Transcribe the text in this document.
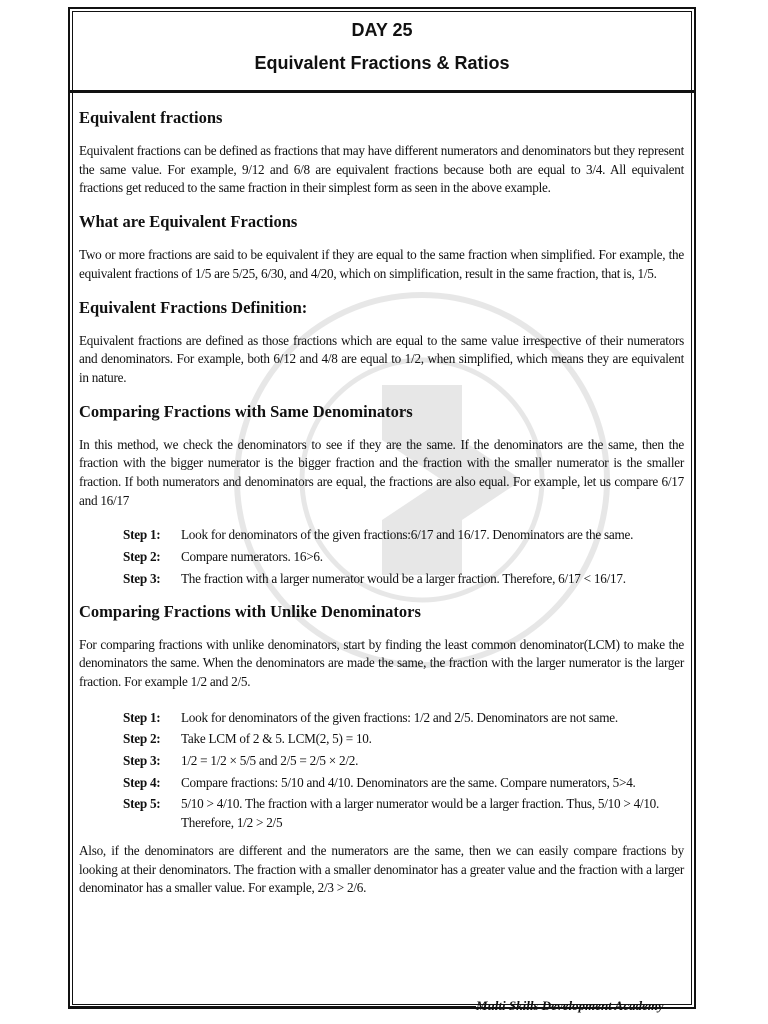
DAY 25
Equivalent Fractions & Ratios
Equivalent fractions

Equivalent fractions can be defined as fractions that may have different numerators and denominators but they represent the same value. For example, 9/12 and 6/8 are equivalent fractions because both are equal to 3/4. All equivalent fractions get reduced to the same fraction in their simplest form as seen in the above example.

What are Equivalent Fractions

Two or more fractions are said to be equivalent if they are equal to the same fraction when simplified. For example, the equivalent fractions of 1/5 are 5/25, 6/30, and 4/20, which on simplification, result in the same fraction, that is, 1/5.

Equivalent Fractions Definition:

Equivalent fractions are defined as those fractions which are equal to the same value irrespective of their numerators and denominators. For example, both 6/12 and 4/8 are equal to 1/2, when simplified, which means they are equivalent in nature.

Comparing Fractions with Same Denominators

In this method, we check the denominators to see if they are the same. If the denominators are the same, then the fraction with the bigger numerator is the bigger fraction and the fraction with the smaller numerator is the smaller fraction. If both numerators and denominators are equal, the fractions are also equal. For example, let us compare 6/17 and 16/17

Step 1:	Look for denominators of the given fractions:6/17 and 16/17. Denominators are the same.
Step 2:	Compare numerators. 16>6.
Step 3:	The fraction with a larger numerator would be a larger fraction. Therefore, 6/17 < 16/17.
Comparing Fractions with Unlike Denominators

For comparing fractions with unlike denominators, start by finding the least common denominator(LCM) to make the denominators the same. When the denominators are made the same, the fraction with the larger numerator is the larger fraction. For example 1/2 and 2/5.

Step 1:	Look for denominators of the given fractions: 1/2 and 2/5. Denominators are not same.
Step 2:	Take LCM of 2 & 5. LCM(2, 5) = 10.
Step 3:	1/2 = 1/2 × 5/5 and 2/5 = 2/5 × 2/2.
Step 4:	Compare fractions: 5/10 and 4/10. Denominators are the same. Compare numerators, 5>4.
Step 5:	5/10 > 4/10. The fraction with a larger numerator would be a larger fraction. Thus, 5/10 > 4/10. Therefore, 1/2 > 2/5

Also, if the denominators are different and the numerators are the same, then we can easily compare fractions by looking at their denominators. The fraction with a smaller denominator has a greater value and the fraction with a larger denominator has a smaller value. For example, 2/3 > 2/6.

Multi Skills Development Academy
